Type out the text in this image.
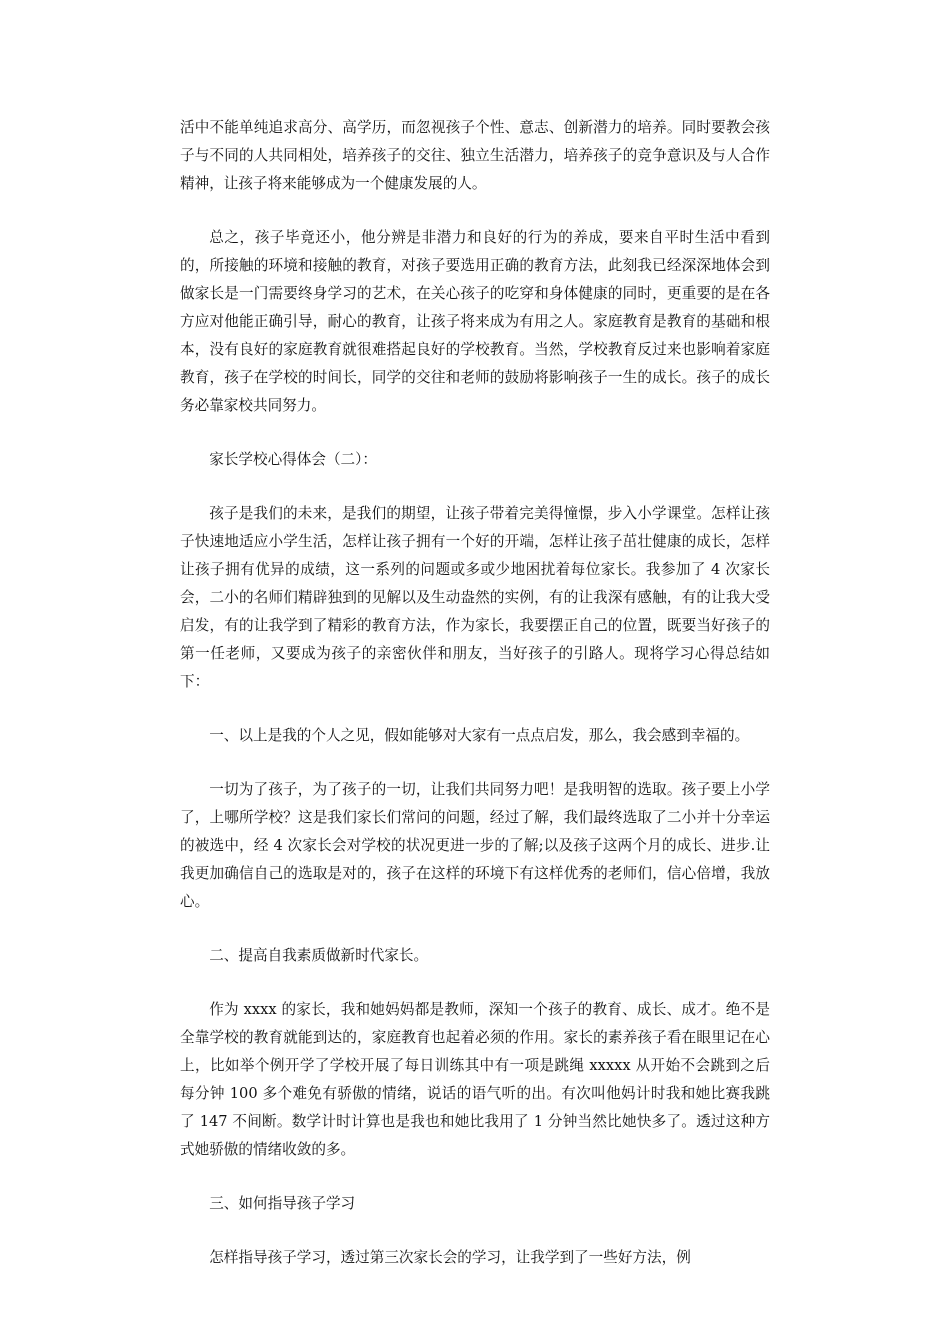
活中不能单纯追求高分、高学历，而忽视孩子个性、意志、创新潜力的培养。同时要教会孩子与不同的人共同相处，培养孩子的交往、独立生活潜力，培养孩子的竞争意识及与人合作精神，让孩子将来能够成为一个健康发展的人。

总之，孩子毕竟还小，他分辨是非潜力和良好的行为的养成，要来自平时生活中看到的，所接触的环境和接触的教育，对孩子要选用正确的教育方法，此刻我已经深深地体会到做家长是一门需要终身学习的艺术，在关心孩子的吃穿和身体健康的同时，更重要的是在各方应对他能正确引导，耐心的教育，让孩子将来成为有用之人。家庭教育是教育的基础和根本，没有良好的家庭教育就很难搭起良好的学校教育。当然，学校教育反过来也影响着家庭教育，孩子在学校的时间长，同学的交往和老师的鼓励将影响孩子一生的成长。孩子的成长务必靠家校共同努力。

家长学校心得体会（二）：

孩子是我们的未来，是我们的期望，让孩子带着完美得憧憬，步入小学课堂。怎样让孩子快速地适应小学生活，怎样让孩子拥有一个好的开端，怎样让孩子茁壮健康的成长，怎样让孩子拥有优异的成绩，这一系列的问题或多或少地困扰着每位家长。我参加了 4 次家长会，二小的名师们精辟独到的见解以及生动盎然的实例，有的让我深有感触，有的让我大受启发，有的让我学到了精彩的教育方法，作为家长，我要摆正自己的位置，既要当好孩子的第一任老师，又要成为孩子的亲密伙伴和朋友，当好孩子的引路人。现将学习心得总结如下：

一、以上是我的个人之见，假如能够对大家有一点点启发，那么，我会感到幸福的。

一切为了孩子，为了孩子的一切，让我们共同努力吧！是我明智的选取。孩子要上小学了，上哪所学校？这是我们家长们常问的问题，经过了解，我们最终选取了二小并十分幸运的被选中，经 4 次家长会对学校的状况更进一步的了解;以及孩子这两个月的成长、进步.让我更加确信自己的选取是对的，孩子在这样的环境下有这样优秀的老师们，信心倍增，我放心。

二、提高自我素质做新时代家长。

作为 xxxx 的家长，我和她妈妈都是教师，深知一个孩子的教育、成长、成才。绝不是全靠学校的教育就能到达的，家庭教育也起着必须的作用。家长的素养孩子看在眼里记在心上，比如举个例开学了学校开展了每日训练其中有一项是跳绳 xxxxx 从开始不会跳到之后每分钟 100 多个难免有骄傲的情绪，说话的语气听的出。有次叫他妈计时我和她比赛我跳了 147 不间断。数学计时计算也是我也和她比我用了 1 分钟当然比她快多了。透过这种方式她骄傲的情绪收敛的多。

三、如何指导孩子学习

怎样指导孩子学习，透过第三次家长会的学习，让我学到了一些好方法，例
